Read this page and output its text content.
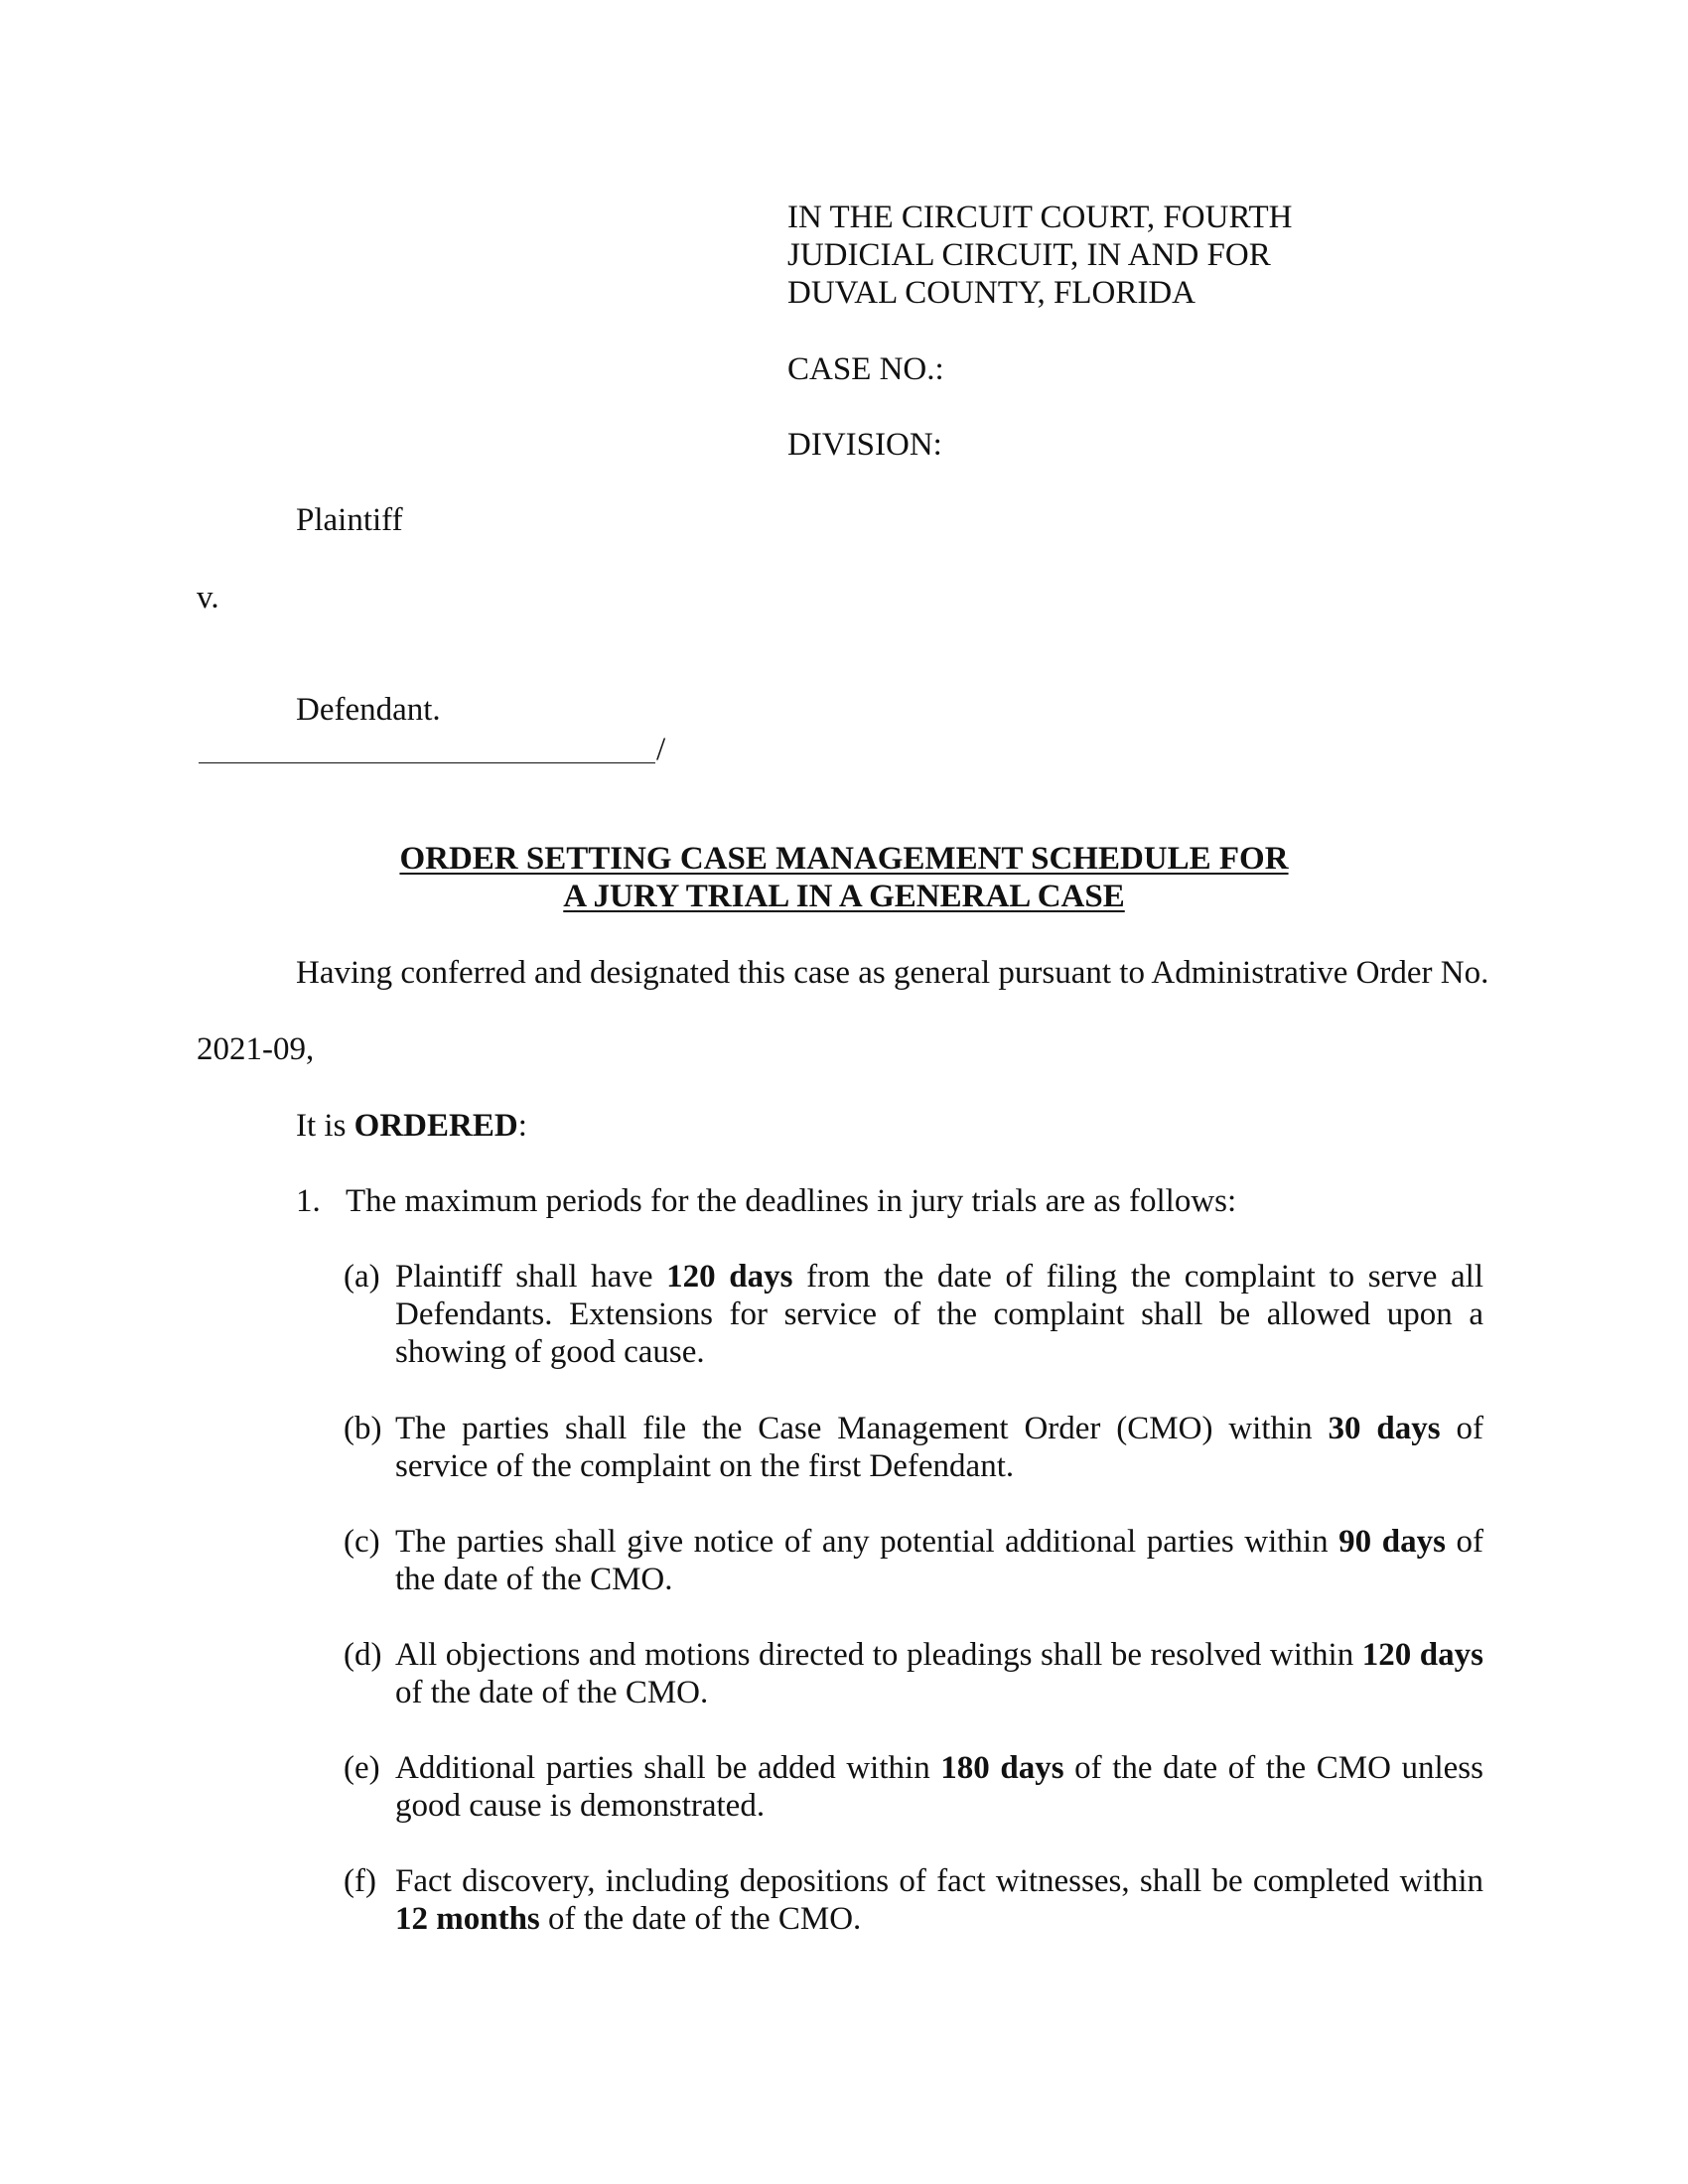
IN THE CIRCUIT COURT, FOURTH
JUDICIAL CIRCUIT, IN AND FOR
DUVAL COUNTY, FLORIDA
CASE NO.:
DIVISION:
Plaintiff
v.
Defendant.
/
ORDER SETTING CASE MANAGEMENT SCHEDULE FOR
A JURY TRIAL IN A GENERAL CASE
Having conferred and designated this case as general pursuant to Administrative Order No.
2021-09,
It is ORDERED:
1. The maximum periods for the deadlines in jury trials are as follows:
(a) Plaintiff shall have 120 days from the date of filing the complaint to serve all Defendants. Extensions for service of the complaint shall be allowed upon a showing of good cause.
(b) The parties shall file the Case Management Order (CMO) within 30 days of service of the complaint on the first Defendant.
(c) The parties shall give notice of any potential additional parties within 90 days of the date of the CMO.
(d) All objections and motions directed to pleadings shall be resolved within 120 days of the date of the CMO.
(e) Additional parties shall be added within 180 days of the date of the CMO unless good cause is demonstrated.
(f) Fact discovery, including depositions of fact witnesses, shall be completed within 12 months of the date of the CMO.
